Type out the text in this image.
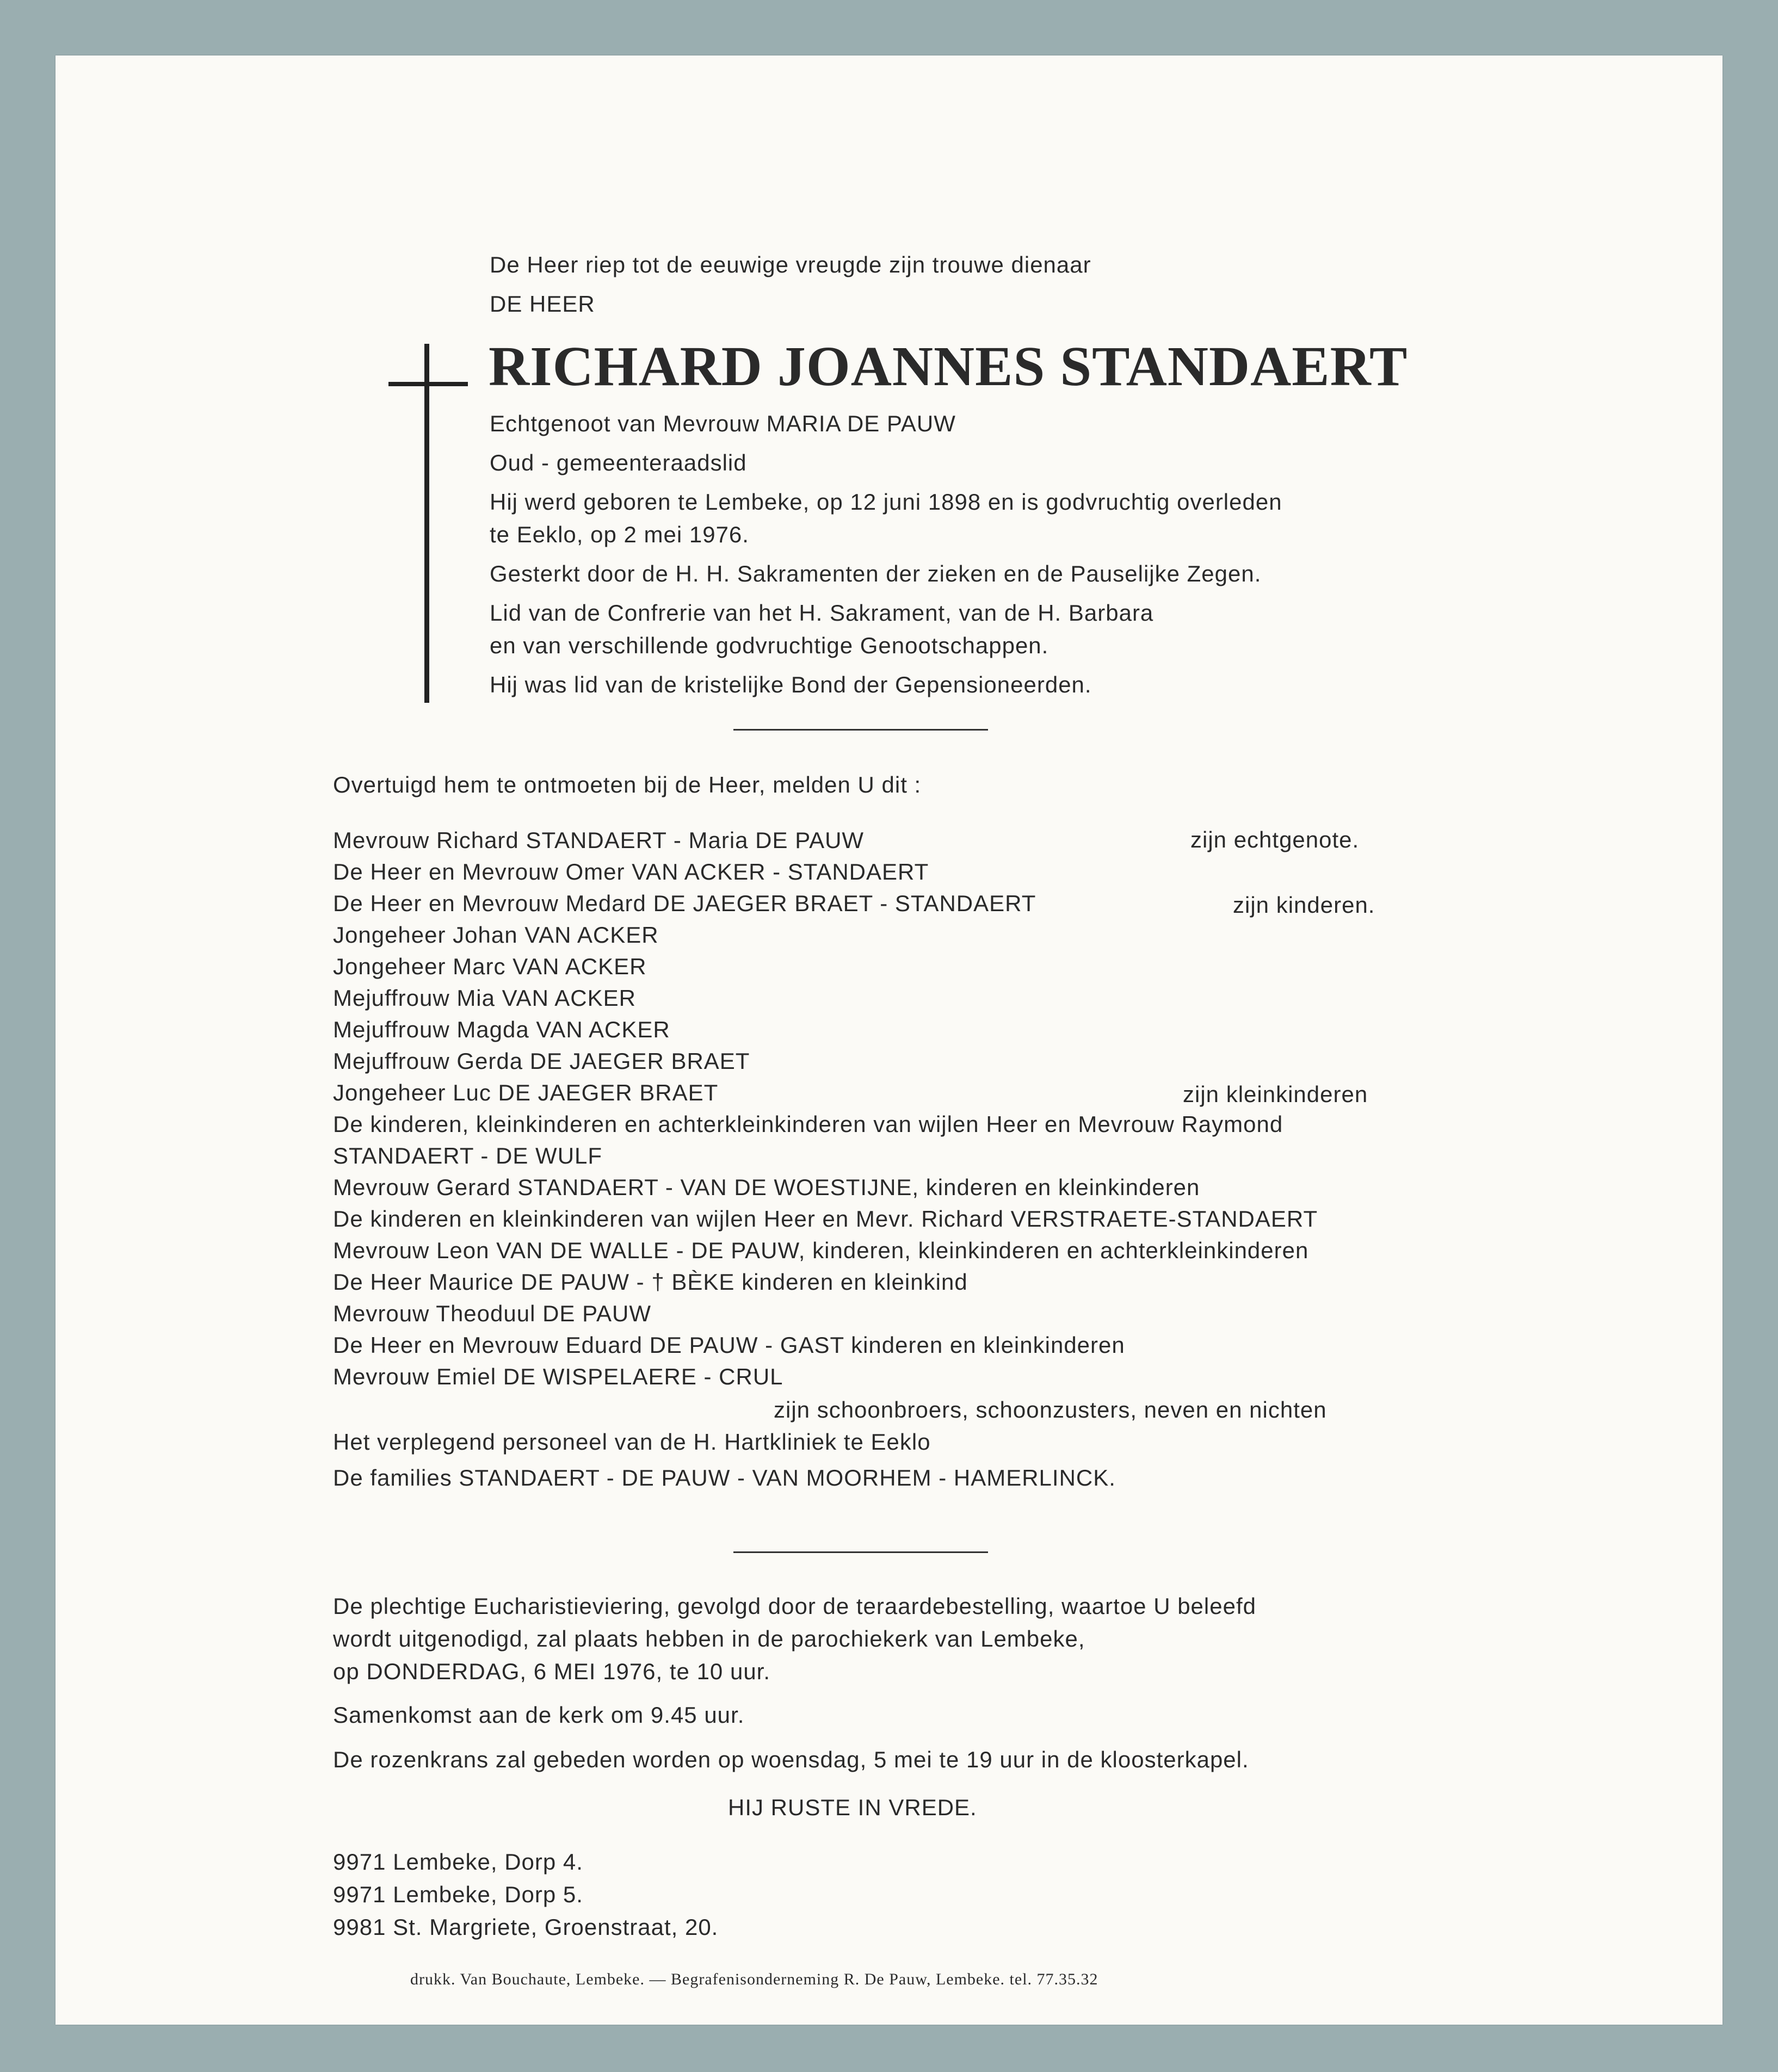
De Heer riep tot de eeuwige vreugde zijn trouwe dienaar
DE HEER
RICHARD JOANNES STANDAERT
Echtgenoot van Mevrouw MARIA DE PAUW
Oud - gemeenteraadslid
Hij werd geboren te Lembeke, op 12 juni 1898 en is godvruchtig overleden
te Eeklo, op 2 mei 1976.
Gesterkt door de H. H. Sakramenten der zieken en de Pauselijke Zegen.
Lid van de Confrerie van het H. Sakrament, van de H. Barbara
en van verschillende godvruchtige Genootschappen.
Hij was lid van de kristelijke Bond der Gepensioneerden.
Overtuigd hem te ontmoeten bij de Heer, melden U dit :
Mevrouw Richard STANDAERT - Maria DE PAUW	zijn echtgenote.
De Heer en Mevrouw Omer VAN ACKER - STANDAERT
De Heer en Mevrouw Medard DE JAEGER BRAET - STANDAERT	zijn kinderen.
Jongeheer Johan VAN ACKER
Jongeheer Marc VAN ACKER
Mejuffrouw Mia VAN ACKER
Mejuffrouw Magda VAN ACKER
Mejuffrouw Gerda DE JAEGER BRAET
Jongeheer Luc DE JAEGER BRAET	zijn kleinkinderen
De kinderen, kleinkinderen en achterkleinkinderen van wijlen Heer en Mevrouw Raymond
STANDAERT - DE WULF
Mevrouw Gerard STANDAERT - VAN DE WOESTIJNE, kinderen en kleinkinderen
De kinderen en kleinkinderen van wijlen Heer en Mevr. Richard VERSTRAETE-STANDAERT
Mevrouw Leon VAN DE WALLE - DE PAUW, kinderen, kleinkinderen en achterkleinkinderen
De Heer Maurice DE PAUW - † BÈKE kinderen en kleinkind
Mevrouw Theoduul DE PAUW
De Heer en Mevrouw Eduard DE PAUW - GAST kinderen en kleinkinderen
Mevrouw Emiel DE WISPELAERE - CRUL
zijn schoonbroers, schoonzusters, neven en nichten
Het verplegend personeel van de H. Hartkliniek te Eeklo
De families STANDAERT - DE PAUW - VAN MOORHEM - HAMERLINCK.
De plechtige Eucharistieviering, gevolgd door de teraardebestelling, waartoe U beleefd
wordt uitgenodigd, zal plaats hebben in de parochiekerk van Lembeke,
op DONDERDAG, 6 MEI 1976, te 10 uur.
Samenkomst aan de kerk om 9.45 uur.
De rozenkrans zal gebeden worden op woensdag, 5 mei te 19 uur in de kloosterkapel.
HIJ RUSTE IN VREDE.
9971 Lembeke, Dorp 4.
9971 Lembeke, Dorp 5.
9981 St. Margriete, Groenstraat, 20.
drukk. Van Bouchaute, Lembeke. — Begrafenisonderneming R. De Pauw, Lembeke. tel. 77.35.32
